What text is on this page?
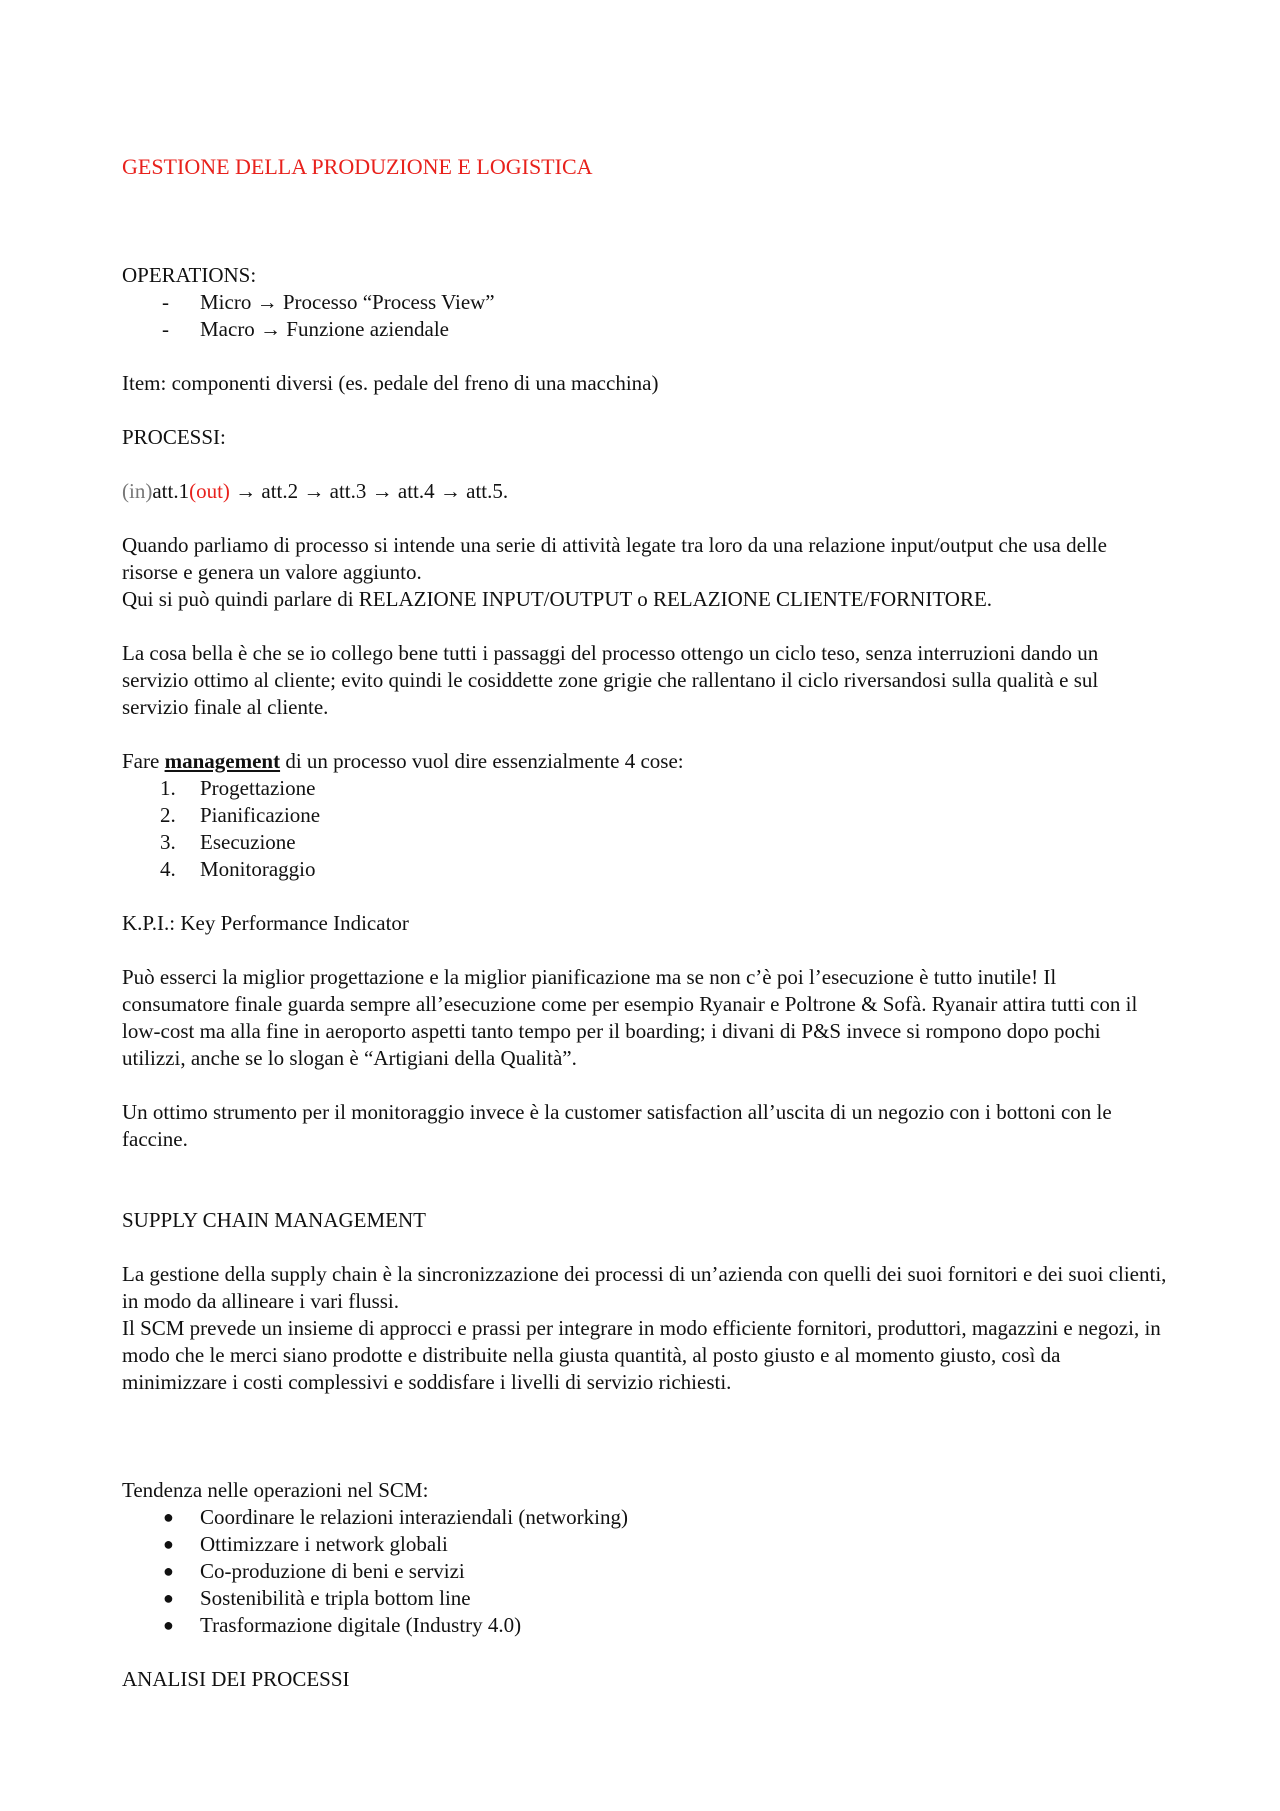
GESTIONE DELLA PRODUZIONE E LOGISTICA

OPERATIONS:

-	Micro → Processo “Process View”
-	Macro → Funzione aziendale

Item: componenti diversi (es. pedale del freno di una macchina)

PROCESSI:

(in)att.1(out) → att.2 → att.3 → att.4 → att.5.

Quando parliamo di processo si intende una serie di attività legate tra loro da una relazione input/output che usa delle risorse e genera un valore aggiunto.

Qui si può quindi parlare di RELAZIONE INPUT/OUTPUT o RELAZIONE CLIENTE/FORNITORE.

La cosa bella è che se io collego bene tutti i passaggi del processo ottengo un ciclo teso, senza interruzioni dando un servizio ottimo al cliente; evito quindi le cosiddette zone grigie che rallentano il ciclo riversandosi sulla qualità e sul servizio finale al cliente.

Fare management di un processo vuol dire essenzialmente 4 cose:

1.	Progettazione
2.	Pianificazione
3.	Esecuzione
4.	Monitoraggio

K.P.I.: Key Performance Indicator

Può esserci la miglior progettazione e la miglior pianificazione ma se non c’è poi l’esecuzione è tutto inutile! Il consumatore finale guarda sempre all’esecuzione come per esempio Ryanair e Poltrone & Sofà. Ryanair attira tutti con il low-cost ma alla fine in aeroporto aspetti tanto tempo per il boarding; i divani di P&S invece si rompono dopo pochi utilizzi, anche se lo slogan è “Artigiani della Qualità”.

Un ottimo strumento per il monitoraggio invece è la customer satisfaction all’uscita di un negozio con i bottoni con le faccine.

SUPPLY CHAIN MANAGEMENT

La gestione della supply chain è la sincronizzazione dei processi di un’azienda con quelli dei suoi fornitori e dei suoi clienti, in modo da allineare i vari flussi.

Il SCM prevede un insieme di approcci e prassi per integrare in modo efficiente fornitori, produttori, magazzini e negozi, in modo che le merci siano prodotte e distribuite nella giusta quantità, al posto giusto e al momento giusto, così da minimizzare i costi complessivi e soddisfare i livelli di servizio richiesti.

Tendenza nelle operazioni nel SCM:

●	Coordinare le relazioni interaziendali (networking)
●	Ottimizzare i network globali
●	Co-produzione di beni e servizi
●	Sostenibilità e tripla bottom line
●	Trasformazione digitale (Industry 4.0)

ANALISI DEI PROCESSI
